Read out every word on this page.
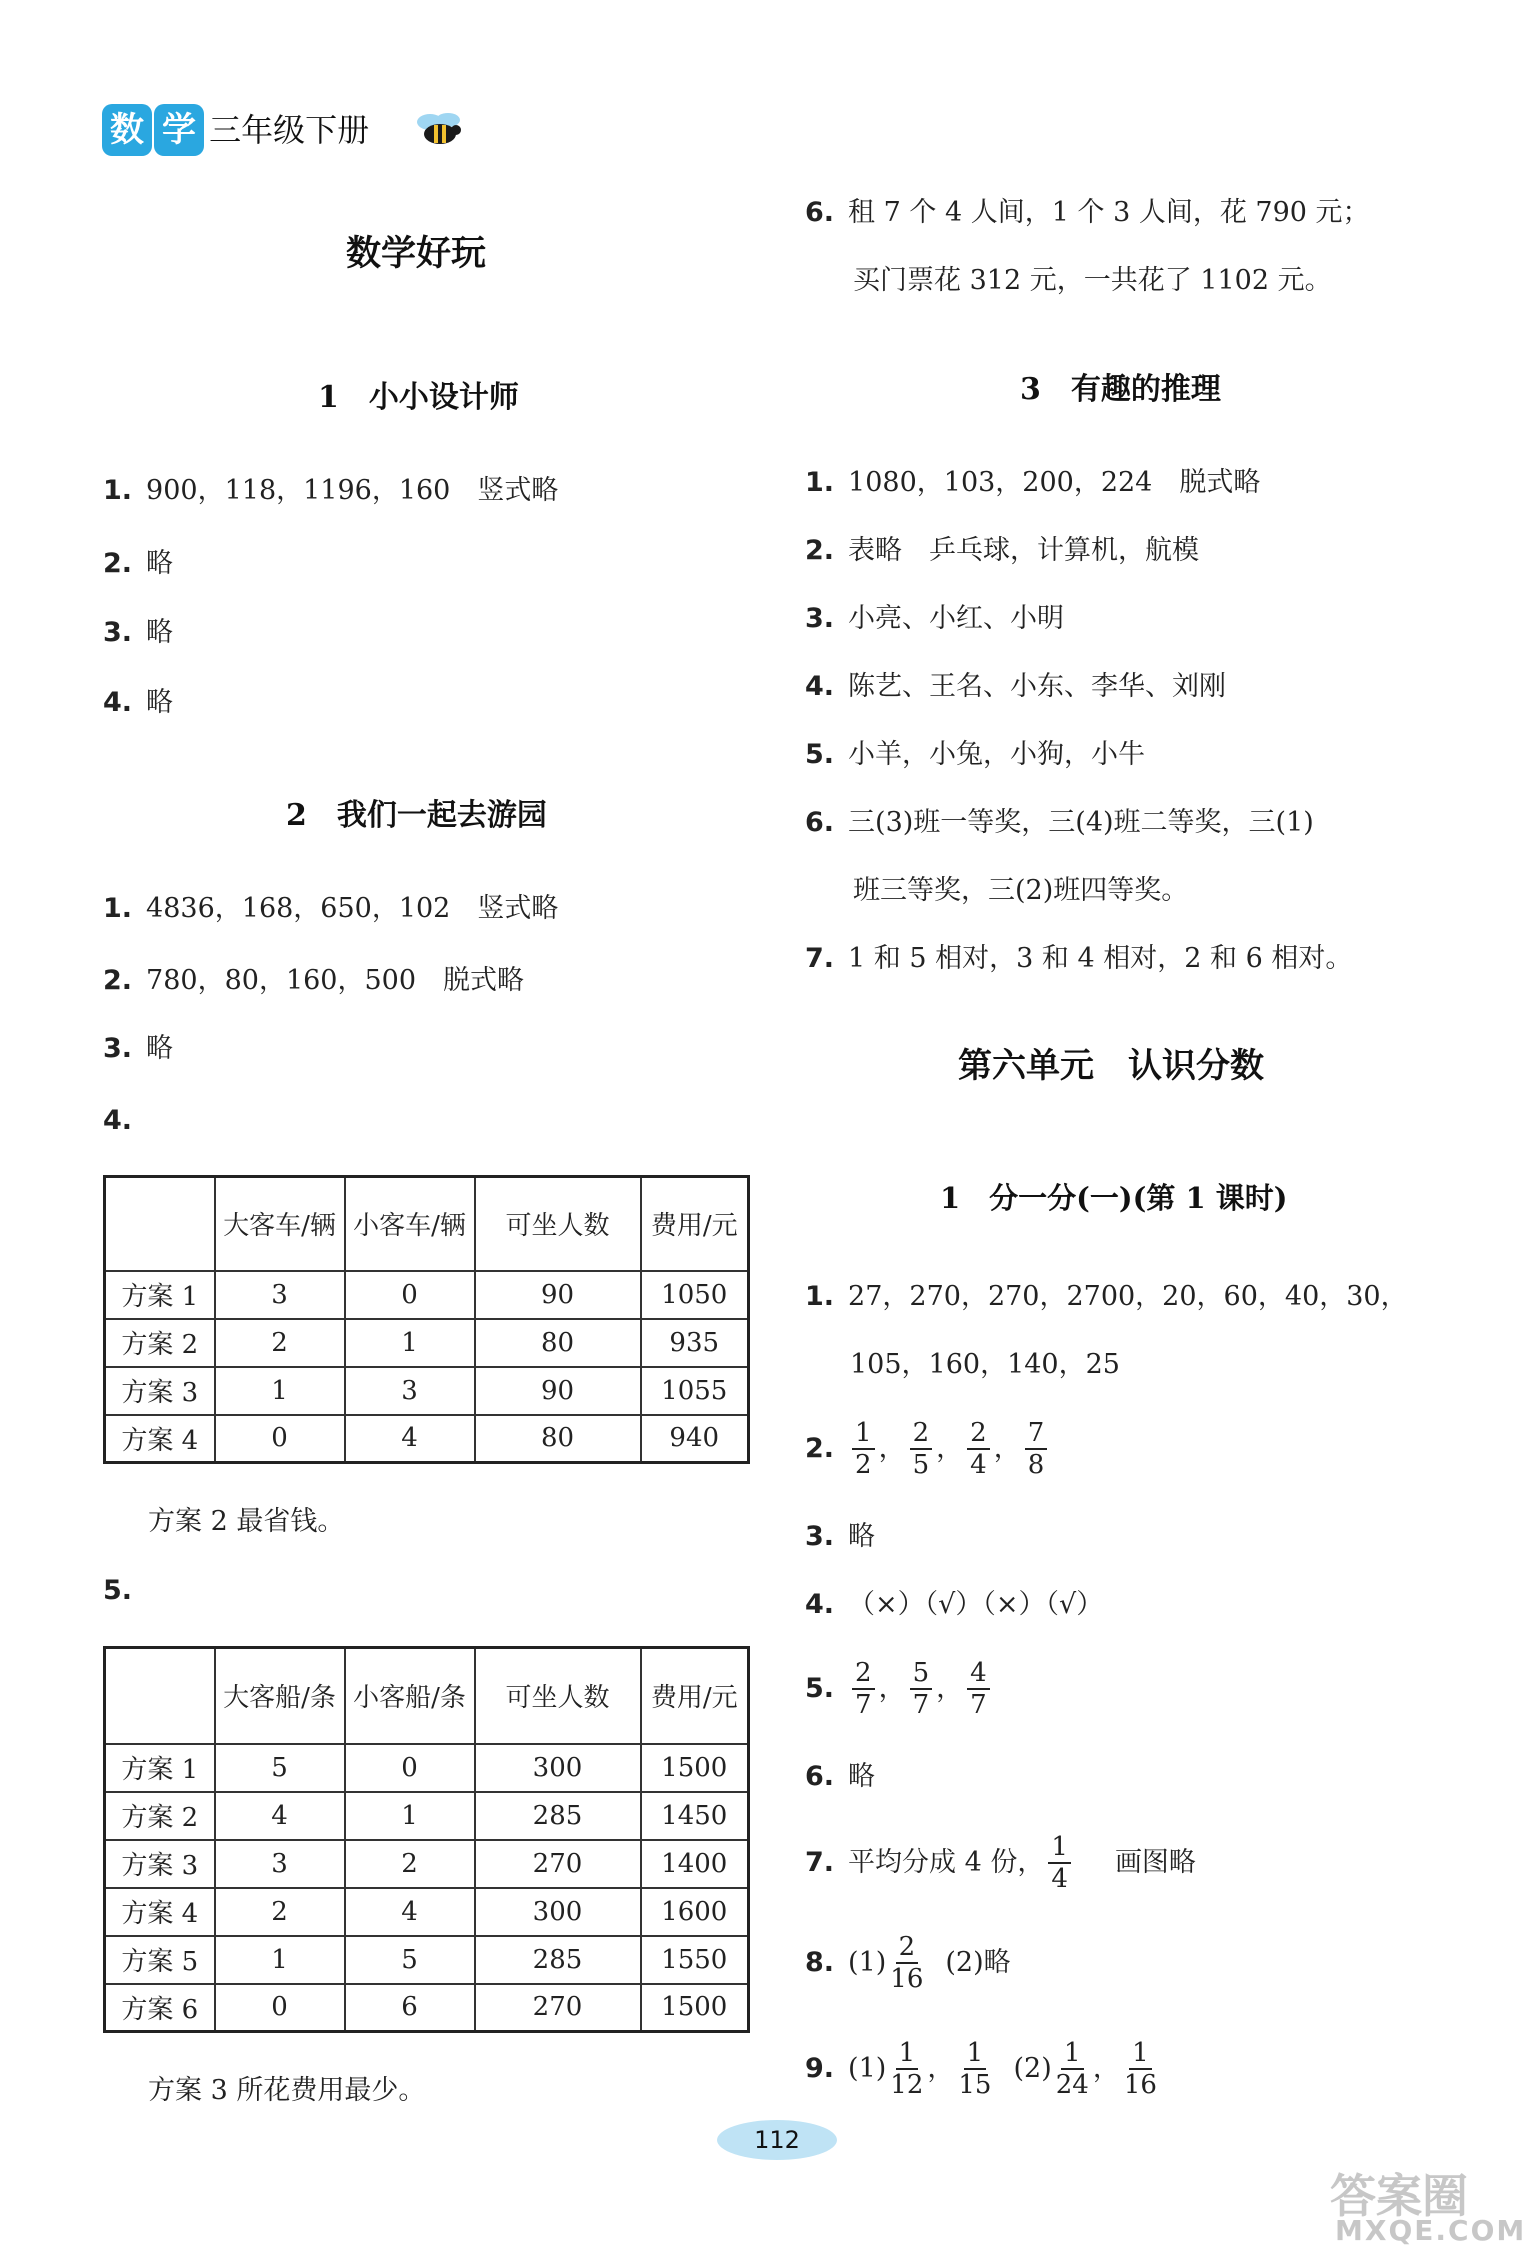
数 学 三年级下册
数学好玩
1　小小设计师
1. 900，118，1196，160　竖式略
2. 略
3. 略
4. 略
2　我们一起去游园
1. 4836，168，650，102　竖式略
2. 780，80，160，500　脱式略
3. 略
4.
	大客车/辆	小客车/辆	可坐人数	费用/元
方案 1	3	0	90	1050
方案 2	2	1	80	935
方案 3	1	3	90	1055
方案 4	0	4	80	940
方案 2 最省钱。
5.
	大客船/条	小客船/条	可坐人数	费用/元
方案 1	5	0	300	1500
方案 2	4	1	285	1450
方案 3	3	2	270	1400
方案 4	2	4	300	1600
方案 5	1	5	285	1550
方案 6	0	6	270	1500
方案 3 所花费用最少。
6. 租 7 个 4 人间，1 个 3 人间，花 790 元；
买门票花 312 元，一共花了 1102 元。
3　有趣的推理
1. 1080，103，200，224　脱式略
2. 表略　乒乓球，计算机，航模
3. 小亮、小红、小明
4. 陈艺、王名、小东、李华、刘刚
5. 小羊，小兔，小狗，小牛
6. 三(3)班一等奖，三(4)班二等奖，三(1)
班三等奖，三(2)班四等奖。
7. 1 和 5 相对，3 和 4 相对，2 和 6 相对。
第六单元　认识分数
1　分一分(一)(第 1 课时)
1. 27，270，270，2700，20，60，40，30，
105，160，140，25
2. $\frac{1}{2}$ ， $\frac{2}{5}$ ， $\frac{2}{4}$ ， $\frac{7}{8}$
3. 略
4. （×）（√）（×）（√）
5. $\frac{2}{7}$ ， $\frac{5}{7}$ ， $\frac{4}{7}$
6. 略
7. 平均分成 4 份， $\frac{1}{4}$ 画图略
8. $(1) \frac{2}{16} (2)$略
9. $(1) \frac{1}{12}$ ， $\frac{1}{15} (2) \frac{1}{24}$ ， $\frac{1}{16}$
112
答案圈
MXQE.COM
